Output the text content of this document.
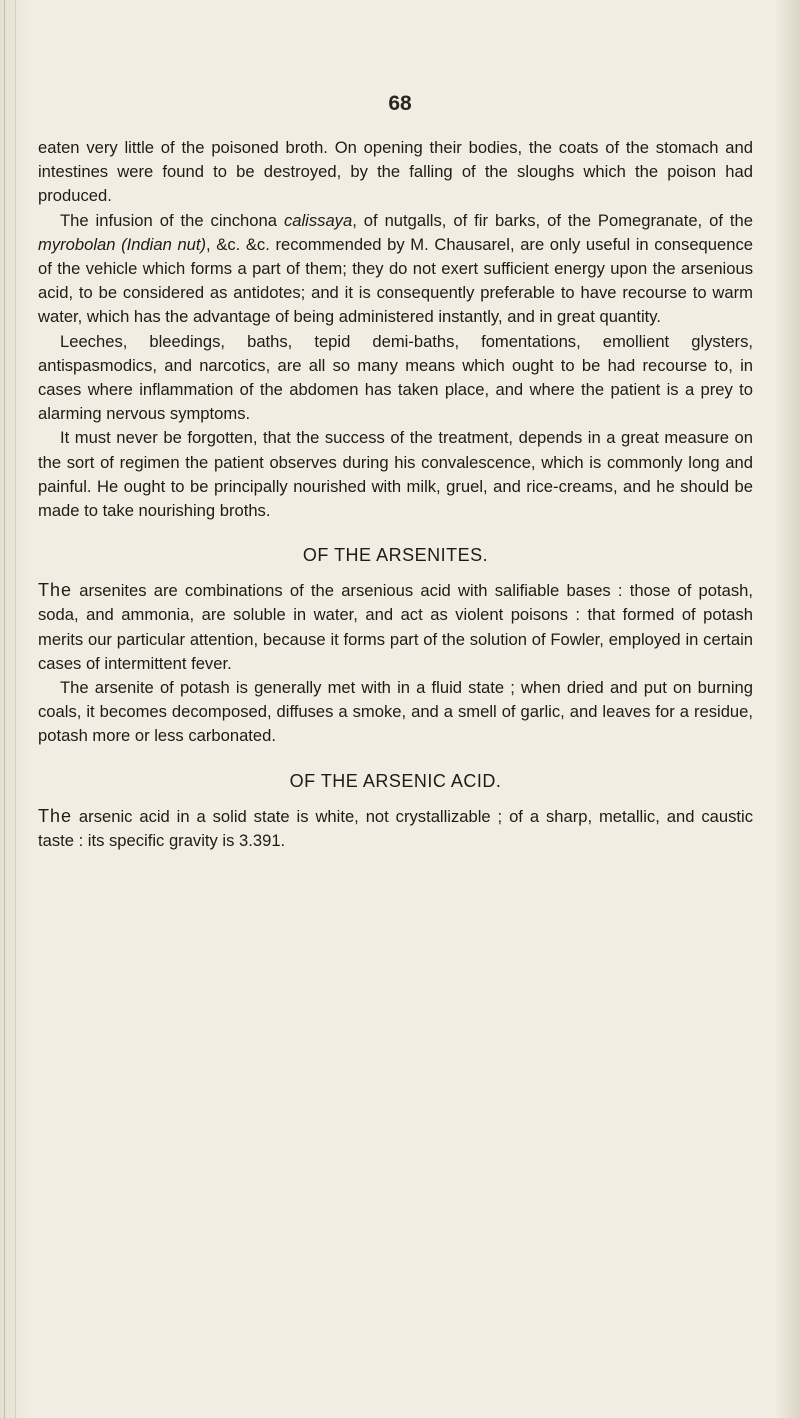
68

eaten very little of the poisoned broth. On opening their bodies, the coats of the stomach and intestines were found to be destroyed, by the falling of the sloughs which the poison had produced.

The infusion of the cinchona calissaya, of nutgalls, of fir barks, of the Pomegranate, of the myrobolan (Indian nut), &c. &c. recommended by M. Chausarel, are only useful in consequence of the vehicle which forms a part of them; they do not exert sufficient energy upon the arsenious acid, to be considered as antidotes; and it is consequently preferable to have recourse to warm water, which has the advantage of being administered instantly, and in great quantity.

Leeches, bleedings, baths, tepid demi-baths, fomentations, emollient glysters, antispasmodics, and narcotics, are all so many means which ought to be had recourse to, in cases where inflammation of the abdomen has taken place, and where the patient is a prey to alarming nervous symptoms.

It must never be forgotten, that the success of the treatment, depends in a great measure on the sort of regimen the patient observes during his convalescence, which is commonly long and painful. He ought to be principally nourished with milk, gruel, and rice-creams, and he should be made to take nourishing broths.

OF THE ARSENITES.

The arsenites are combinations of the arsenious acid with salifiable bases : those of potash, soda, and ammonia, are soluble in water, and act as violent poisons : that formed of potash merits our particular attention, because it forms part of the solution of Fowler, employed in certain cases of intermittent fever.

The arsenite of potash is generally met with in a fluid state ; when dried and put on burning coals, it becomes decomposed, diffuses a smoke, and a smell of garlic, and leaves for a residue, potash more or less carbonated.

OF THE ARSENIC ACID.

The arsenic acid in a solid state is white, not crystallizable ; of a sharp, metallic, and caustic taste : its specific gravity is 3.391.
